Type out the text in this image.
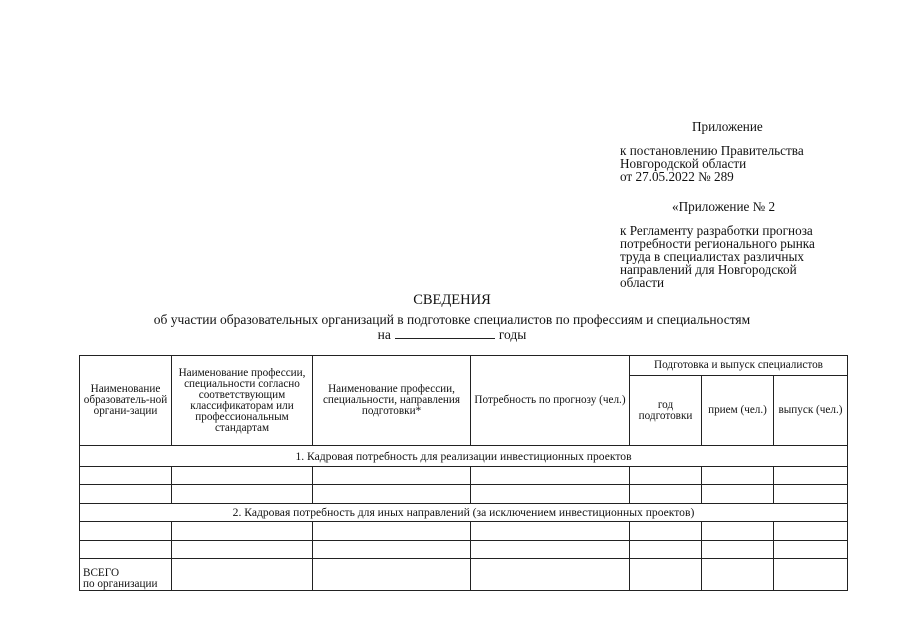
Приложение
к постановлению Правительства
Новгородской области
от 27.05.2022 № 289
«Приложение № 2
к Регламенту разработки прогноза
потребности регионального рынка
труда в специалистах различных
направлений для Новгородской
области
СВЕДЕНИЯ
об участии образовательных организаций в подготовке специалистов по профессиям и специальностям
на	годы
Наименование образователь-ной органи-зации	Наименование профессии, специальности согласно соответствующим классификаторам или профессиональным стандартам	Наименование профессии, специальности, направления подготовки*	Потребность по прогнозу (чел.)	Подготовка и выпуск специалистов		
				год подготовки	прием (чел.)	выпуск (чел.)
1. Кадровая потребность для реализации инвестиционных проектов						

2. Кадровая потребность для иных направлений (за исключением инвестиционных проектов)						

ВСЕГО
по организации						
